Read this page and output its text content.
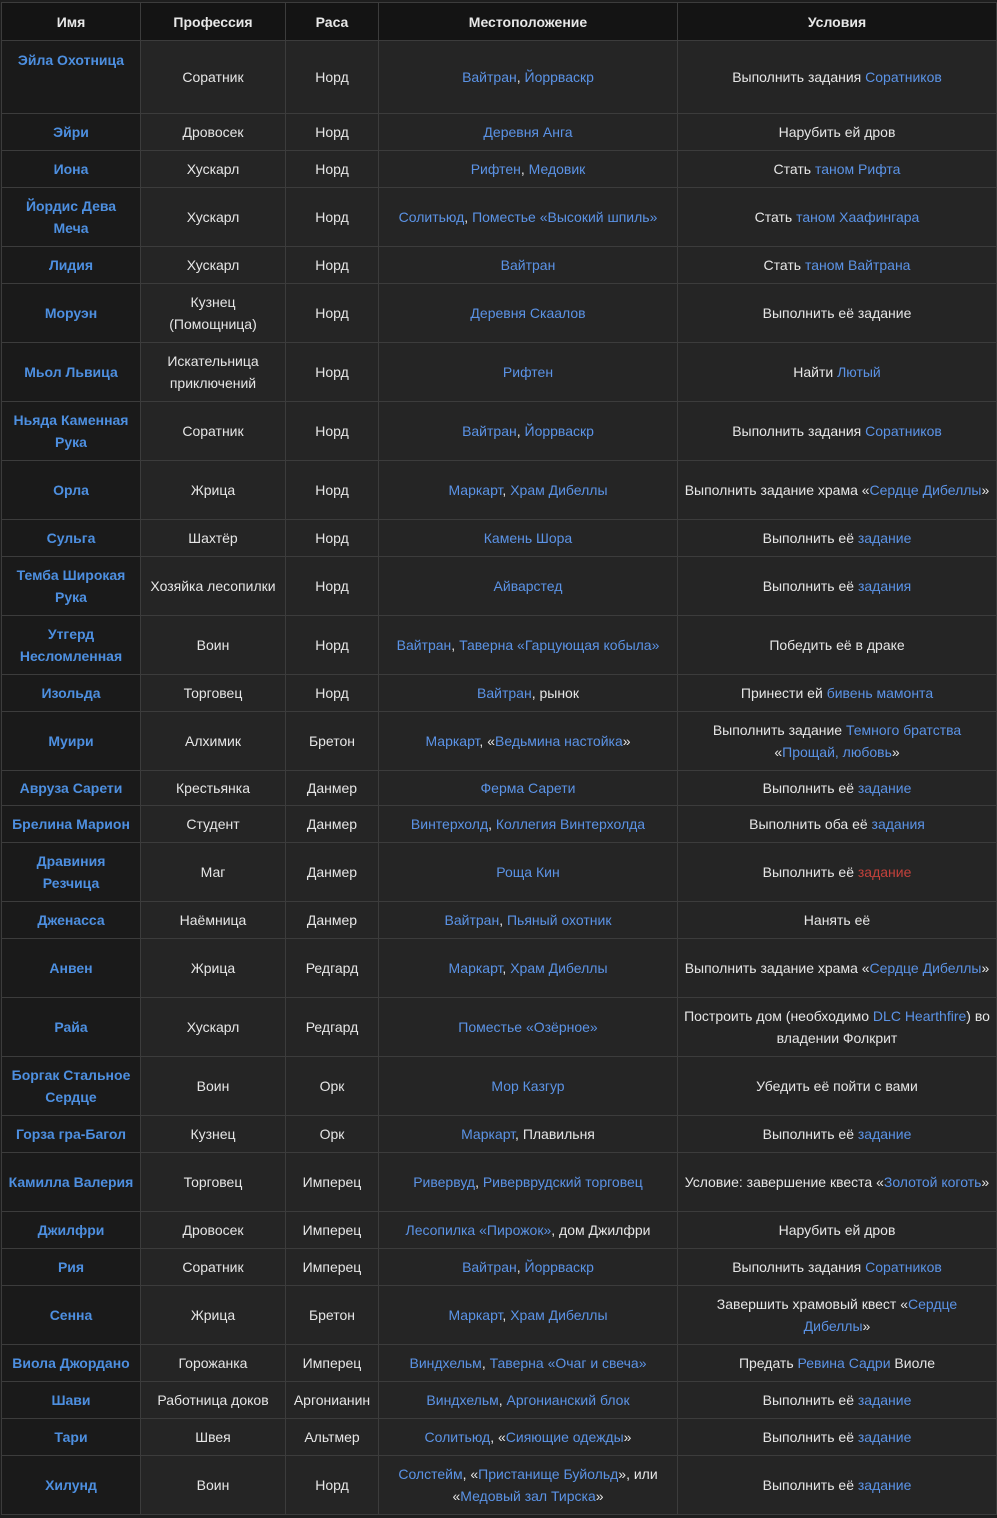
Имя	Профессия	Раса	Местоположение	Условия
Эйла Охотница	Соратник	Норд	Вайтран, Йоррваскр	Выполнить задания Соратников
Эйри	Дровосек	Норд	Деревня Анга	Нарубить ей дров
Иона	Хускарл	Норд	Рифтен, Медовик	Стать таном Рифта
Йордис Дева Меча	Хускарл	Норд	Солитьюд, Поместье «Высокий шпиль»	Стать таном Хаафингара
Лидия	Хускарл	Норд	Вайтран	Стать таном Вайтрана
Моруэн	Кузнец (Помощница)	Норд	Деревня Скаалов	Выполнить её задание
Мьол Львица	Искательница приключений	Норд	Рифтен	Найти Лютый
Ньяда Каменная Рука	Соратник	Норд	Вайтран, Йоррваскр	Выполнить задания Соратников
Орла	Жрица	Норд	Маркарт, Храм Дибеллы	Выполнить задание храма «Сердце Дибеллы»
Сульга	Шахтёр	Норд	Камень Шора	Выполнить её задание
Темба Широкая Рука	Хозяйка лесопилки	Норд	Айварстед	Выполнить её задания
Утгерд Несломленная	Воин	Норд	Вайтран, Таверна «Гарцующая кобыла»	Победить её в драке
Изольда	Торговец	Норд	Вайтран, рынок	Принести ей бивень мамонта
Муири	Алхимик	Бретон	Маркарт, «Ведьмина настойка»	Выполнить задание Темного братства «Прощай, любовь»
Авруза Сарети	Крестьянка	Данмер	Ферма Сарети	Выполнить её задание
Брелина Марион	Студент	Данмер	Винтерхолд, Коллегия Винтерхолда	Выполнить оба её задания
Дравиния Резчица	Маг	Данмер	Роща Кин	Выполнить её задание
Дженасса	Наёмница	Данмер	Вайтран, Пьяный охотник	Нанять её
Анвен	Жрица	Редгард	Маркарт, Храм Дибеллы	Выполнить задание храма «Сердце Дибеллы»
Райа	Хускарл	Редгард	Поместье «Озёрное»	Построить дом (необходимо DLC Hearthfire) во владении Фолкрит
Боргак Стальное Сердце	Воин	Орк	Мор Казгур	Убедить её пойти с вами
Горза гра-Багол	Кузнец	Орк	Маркарт, Плавильня	Выполнить её задание
Камилла Валерия	Торговец	Имперец	Ривервуд, Риверврудский торговец	Условие: завершение квеста «Золотой коготь»
Джилфри	Дровосек	Имперец	Лесопилка «Пирожок», дом Джилфри	Нарубить ей дров
Рия	Соратник	Имперец	Вайтран, Йоррваскр	Выполнить задания Соратников
Сенна	Жрица	Бретон	Маркарт, Храм Дибеллы	Завершить храмовый квест «Сердце Дибеллы»
Виола Джордано	Горожанка	Имперец	Виндхельм, Таверна «Очаг и свеча»	Предать Ревина Садри Виоле
Шави	Работница доков	Аргонианин	Виндхельм, Аргонианский блок	Выполнить её задание
Тари	Швея	Альтмер	Солитьюд, «Сияющие одежды»	Выполнить её задание
Хилунд	Воин	Норд	Солстейм, «Пристанище Буйольд», или «Медовый зал Тирска»	Выполнить её задание
